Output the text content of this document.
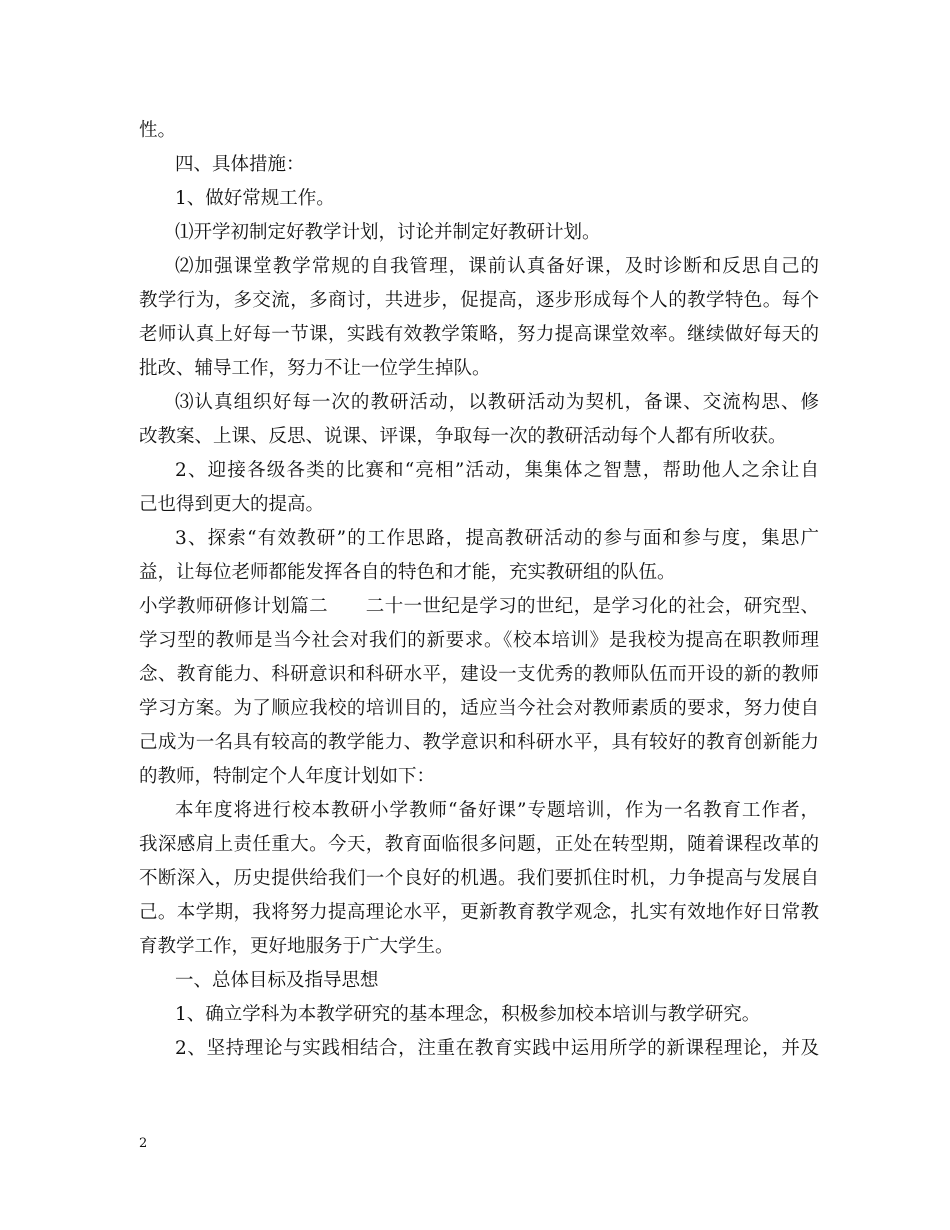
性。
四、具体措施：
1、做好常规工作。
⑴开学初制定好教学计划，讨论并制定好教研计划。
⑵加强课堂教学常规的自我管理，课前认真备好课，及时诊断和反思自己的
教学行为，多交流，多商讨，共进步，促提高，逐步形成每个人的教学特色。每个
老师认真上好每一节课，实践有效教学策略，努力提高课堂效率。继续做好每天的
批改、辅导工作，努力不让一位学生掉队。
⑶认真组织好每一次的教研活动，以教研活动为契机，备课、交流构思、修
改教案、上课、反思、说课、评课，争取每一次的教研活动每个人都有所收获。
2、迎接各级各类的比赛和“亮相”活动，集集体之智慧，帮助他人之余让自
己也得到更大的提高。
3、探索“有效教研”的工作思路，提高教研活动的参与面和参与度，集思广
益，让每位老师都能发挥各自的特色和才能，充实教研组的队伍。
小学教师研修计划篇二　　二十一世纪是学习的世纪，是学习化的社会，研究型、
学习型的教师是当今社会对我们的新要求。《校本培训》是我校为提高在职教师理
念、教育能力、科研意识和科研水平，建设一支优秀的教师队伍而开设的新的教师
学习方案。为了顺应我校的培训目的，适应当今社会对教师素质的要求，努力使自
己成为一名具有较高的教学能力、教学意识和科研水平，具有较好的教育创新能力
的教师，特制定个人年度计划如下：
本年度将进行校本教研小学教师“备好课”专题培训，作为一名教育工作者，
我深感肩上责任重大。今天，教育面临很多问题，正处在转型期，随着课程改革的
不断深入，历史提供给我们一个良好的机遇。我们要抓住时机，力争提高与发展自
己。本学期，我将努力提高理论水平，更新教育教学观念，扎实有效地作好日常教
育教学工作，更好地服务于广大学生。
一、总体目标及指导思想
1、确立学科为本教学研究的基本理念，积极参加校本培训与教学研究。
2、坚持理论与实践相结合，注重在教育实践中运用所学的新课程理论，并及
2
